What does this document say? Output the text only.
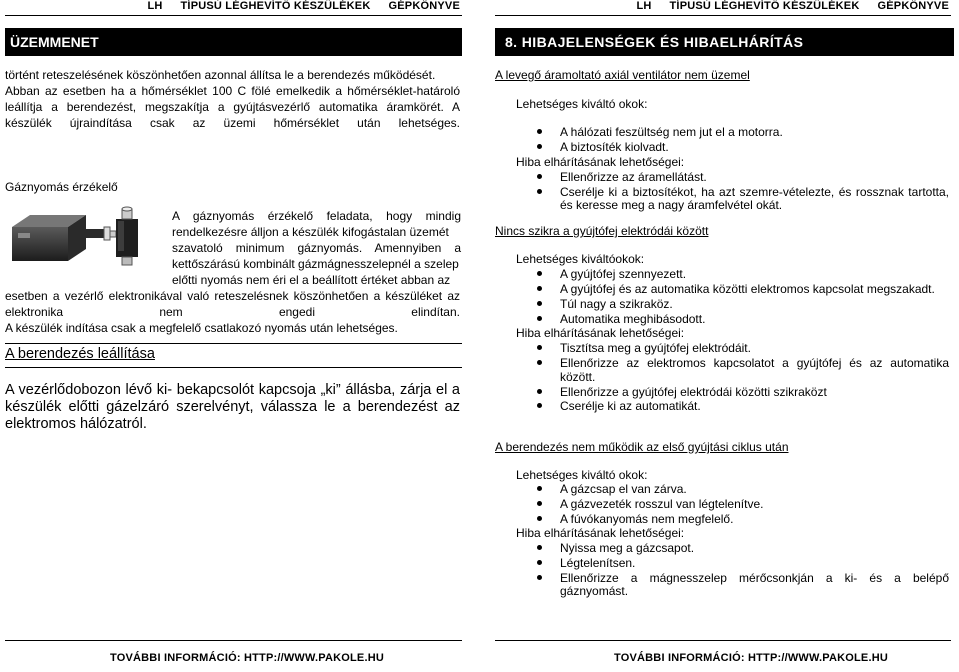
LH TÍPUSÚ LÉGHEVÍTŐ KÉSZÜLÉKEK GÉPKÖNYVE
ÜZEMMENET
történt reteszelésének köszönhetően azonnal állítsa le a berendezés működését.
Abban az esetben ha a hőmérséklet 100 C fölé emelkedik a hőmérséklet-határoló
leállítja a berendezést, megszakítja a gyújtásvezérlő automatika áramkörét. A
készülék újraindítása csak az üzemi hőmérséklet után lehetséges.
Gáznyomás érzékelő
A gáznyomás érzékelő feladata, hogy mindig
rendelkezésre álljon a készülék kifogástalan üzemét
szavatoló minimum gáznyomás. Amennyiben a
kettőszárású kombinált gázmágnesszelepnél a szelep
előtti nyomás nem éri el a beállított értéket abban az
esetben a vezérlő elektronikával való reteszelésnek köszönhetően a készüléket az
elektronika nem engedi elindítan.
A készülék indítása csak a megfelelő csatlakozó nyomás után lehetséges.
A berendezés leállítása
A vezérlődobozon lévő ki- bekapcsolót kapcsoja „ki” állásba, zárja el a
készülék előtti gázelzáró szerelvényt, válassza le a berendezést az
elektromos hálózatról.
TOVÁBBI INFORMÁCIÓ: HTTP://WWW.PAKOLE.HU
LH TÍPUSÚ LÉGHEVÍTŐ KÉSZÜLÉKEK GÉPKÖNYVE
8. HIBAJELENSÉGEK ÉS HIBAELHÁRÍTÁS
A levegő áramoltató axiál ventilátor nem üzemel
Lehetséges kiváltó okok:
A hálózati feszültség nem jut el a motorra.
A biztosíték kiolvadt.
Hiba elhárításának lehetőségei:
Ellenőrizze az áramellátást.
Cserélje ki a biztosítékot, ha azt szemre-vételezte, és rossznak tartotta,
és keresse meg a nagy áramfelvétel okát.
Nincs szikra a gyújtófej elektródái között
Lehetséges kiváltóokok:
A gyújtófej szennyezett.
A gyújtófej és az automatika közötti elektromos kapcsolat megszakadt.
Túl nagy a szikraköz.
Automatika meghibásodott.
Hiba elhárításának lehetőségei:
Tisztítsa meg a gyújtófej elektródáit.
Ellenőrizze az elektromos kapcsolatot a gyújtófej és az automatika
között.
Ellenőrizze a gyújtófej elektródái közötti szikraközt
Cserélje ki az automatikát.
A berendezés nem működik az első gyújtási ciklus után
Lehetséges kiváltó okok:
A gázcsap el van zárva.
A gázvezeték rosszul van légtelenítve.
A fúvókanyomás nem megfelelő.
Hiba elhárításának lehetőségei:
Nyissa meg a gázcsapot.
Légtelenítsen.
Ellenőrizze a mágnesszelep mérőcsonkján a ki- és a belépő
gáznyomást.
TOVÁBBI INFORMÁCIÓ: HTTP://WWW.PAKOLE.HU
